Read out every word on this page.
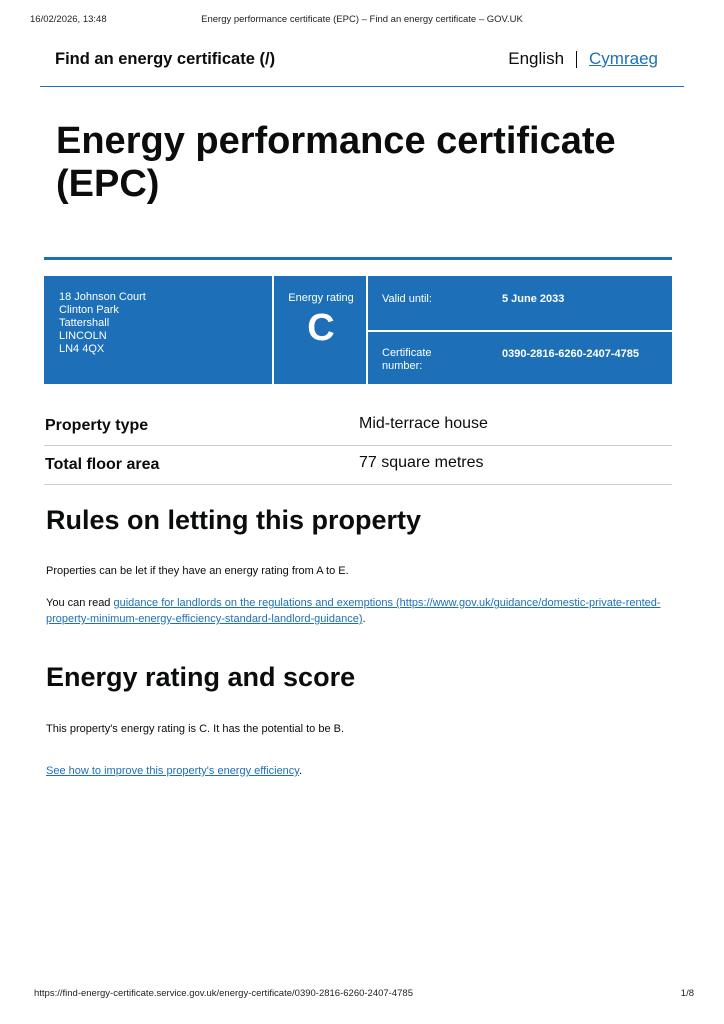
16/02/2026, 13:48	Energy performance certificate (EPC) – Find an energy certificate – GOV.UK
Find an energy certificate (/)	English Cymraeg
Energy performance certificate (EPC)
18 Johnson Court
Clinton Park
Tattershall
LINCOLN
LN4 4QX
Energy rating
C
Valid until:	5 June 2033
Certificate number:
0390-2816-6260-2407-4785
Property type	Mid-terrace house
Total floor area	77 square metres
Rules on letting this property

Properties can be let if they have an energy rating from A to E.

You can read guidance for landlords on the regulations and exemptions (https://www.gov.uk/guidance/domestic-private-rented-property-minimum-energy-efficiency-standard-landlord-guidance).

Energy rating and score

This property's energy rating is C. It has the potential to be B.

See how to improve this property's energy efficiency.

https://find-energy-certificate.service.gov.uk/energy-certificate/0390-2816-6260-2407-4785	1/8
